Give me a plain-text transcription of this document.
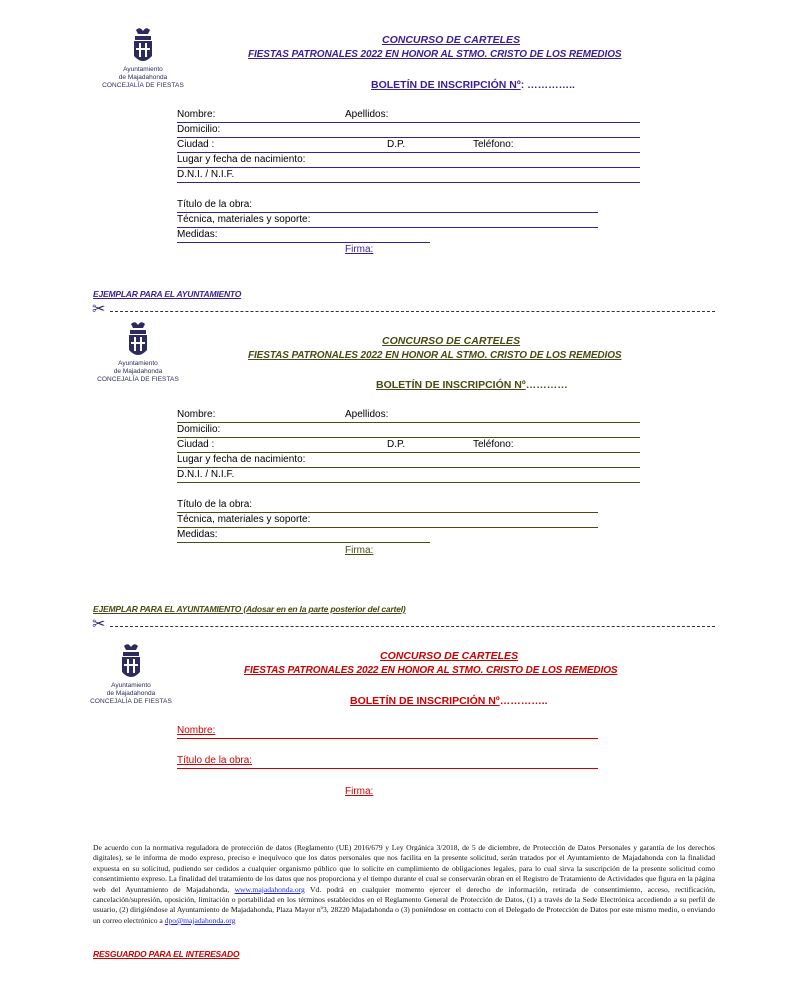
Ayuntamiento
de Majadahonda
CONCEJALÍA DE FIESTAS
CONCURSO DE CARTELES
FIESTAS PATRONALES 2022 EN HONOR AL STMO. CRISTO DE LOS REMEDIOS
BOLETÍN DE INSCRIPCIÓN Nº: …………..
Nombre:	Apellidos:
Domicilio:
Ciudad :	D.P.	Teléfono:
Lugar y fecha de nacimiento:
D.N.I. / N.I.F.
Título de la obra:
Técnica, materiales y soporte:
Medidas:
Firma:
EJEMPLAR PARA EL AYUNTAMIENTO
✂
Ayuntamiento
de Majadahonda
CONCEJALÍA DE FIESTAS
CONCURSO DE CARTELES
FIESTAS PATRONALES 2022 EN HONOR AL STMO. CRISTO DE LOS REMEDIOS
BOLETÍN DE INSCRIPCIÓN Nº…………
Nombre:	Apellidos:
Domicilio:
Ciudad :	D.P.	Teléfono:
Lugar y fecha de nacimiento:
D.N.I. / N.I.F.
Título de la obra:
Técnica, materiales y soporte:
Medidas:
Firma:
EJEMPLAR PARA EL AYUNTAMIENTO (Adosar en en la parte posterior del cartel)
✂
Ayuntamiento
de Majadahonda
CONCEJALÍA DE FIESTAS
CONCURSO DE CARTELES
FIESTAS PATRONALES 2022 EN HONOR AL STMO. CRISTO DE LOS REMEDIOS
BOLETÍN DE INSCRIPCIÓN Nº…………..
Nombre:
Título de la obra:
Firma:
De acuerdo con la normativa reguladora de protección de datos (Reglamento (UE) 2016/679 y Ley Orgánica 3/2018, de 5 de diciembre, de Protección de Datos Personales y garantía de los derechos digitales), se le informa de modo expreso, preciso e inequívoco que los datos personales que nos facilita en la presente solicitud, serán tratados por el Ayuntamiento de Majadahonda con la finalidad expuesta en su solicitud, pudiendo ser cedidos a cualquier organismo público que lo solicite en cumplimiento de obligaciones legales, para lo cual sirva la suscripción de la presente solicitud como consentimiento expreso. La finalidad del tratamiento de los datos que nos proporciona y el tiempo durante el cual se conservarán obran en el Registro de Tratamiento de Actividades que figura en la página web del Ayuntamiento de Majadahonda, www.majadahonda.org Vd. podrá en cualquier momento ejercer el derecho de información, retirada de consentimiento, acceso, rectificación, cancelación/supresión, oposición, limitación o portabilidad en los términos establecidos en el Reglamento General de Protección de Datos, (1) a través de la Sede Electrónica accediendo a su perfil de usuario, (2) dirigiéndose al Ayuntamiento de Majadahonda, Plaza Mayor nº3, 28220 Majadahonda o (3) poniéndose en contacto con el Delegado de Protección de Datos por este mismo medio, o enviando un correo electrónico a dpo@majadahonda.org
RESGUARDO PARA EL INTERESADO
